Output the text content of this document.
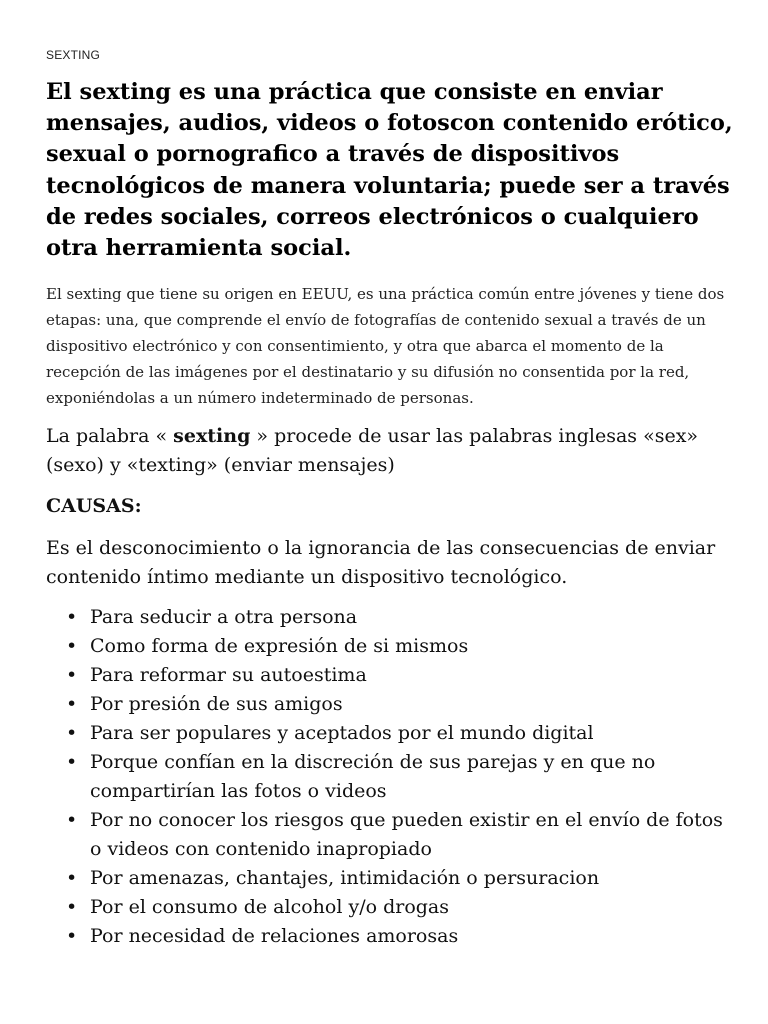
SEXTING
El sexting es una práctica que consiste en enviar mensajes, audios, videos o fotoscon contenido erótico, sexual o pornografico a través de dispositivos tecnológicos de manera voluntaria; puede ser a través de redes sociales, correos electrónicos o cualquiero otra herramienta social.

El sexting que tiene su origen en EEUU, es una práctica común entre jóvenes y tiene dos etapas: una, que comprende el envío de fotografías de contenido sexual a través de un dispositivo electrónico y con consentimiento, y otra que abarca el momento de la recepción de las imágenes por el destinatario y su difusión no consentida por la red, exponiéndolas a un número indeterminado de personas.

La palabra « sexting » procede de usar las palabras inglesas «sex» (sexo) y «texting» (enviar mensajes)

CAUSAS:

Es el desconocimiento o la ignorancia de las consecuencias de enviar contenido íntimo mediante un dispositivo tecnológico.

• Para seducir a otra persona
• Como forma de expresión de si mismos
• Para reformar su autoestima
• Por presión de sus amigos
• Para ser populares y aceptados por el mundo digital
• Porque confían en la discreción de sus parejas y en que no compartirían las fotos o videos
• Por no conocer los riesgos que pueden existir en el envío de fotos o videos con contenido inapropiado
• Por amenazas, chantajes, intimidación o persuracion
• Por el consumo de alcohol y/o drogas
• Por necesidad de relaciones amorosas
